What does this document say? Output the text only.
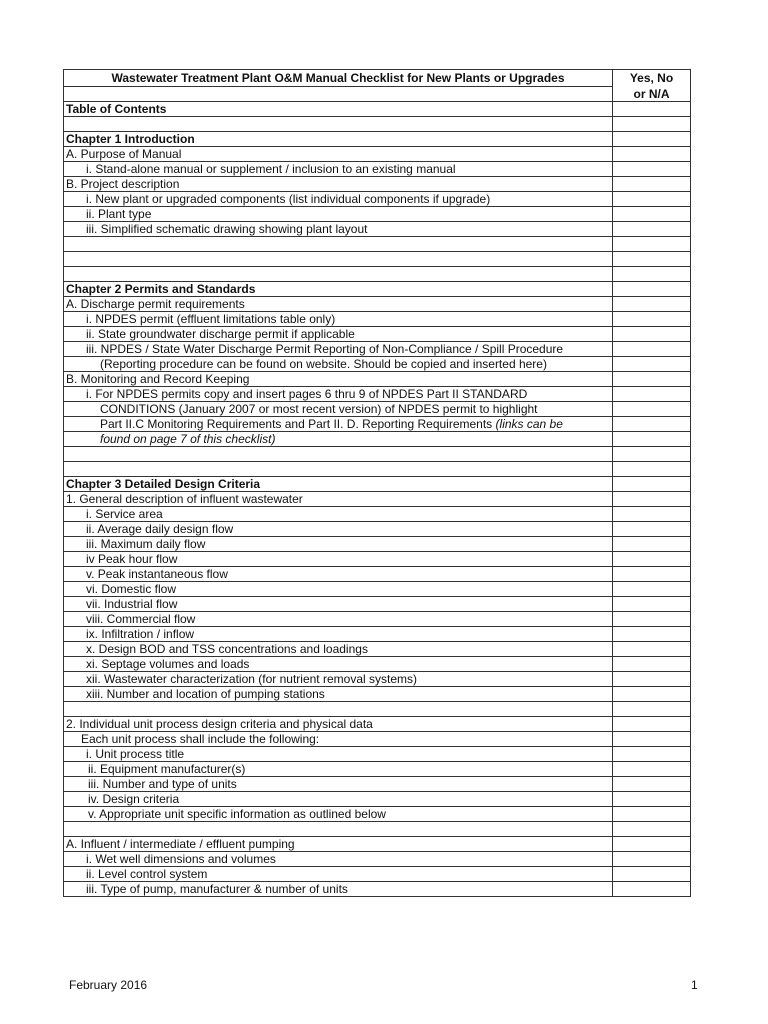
Wastewater Treatment Plant O&M Manual Checklist for New Plants or Upgrades	Yes, No
	or N/A
Table of Contents	

Chapter 1 Introduction	
A. Purpose of Manual	
i. Stand-alone manual or supplement / inclusion to an existing manual	
B. Project description	
i. New plant or upgraded components (list individual components if upgrade)	
ii. Plant type	
iii. Simplified schematic drawing showing plant layout	

Chapter 2 Permits and Standards	
A. Discharge permit requirements	
i. NPDES permit (effluent limitations table only)	
ii. State groundwater discharge permit if applicable	
iii. NPDES / State Water Discharge Permit Reporting of Non-Compliance / Spill Procedure	
(Reporting procedure can be found on website. Should be copied and inserted here)	
B. Monitoring and Record Keeping	
i. For NPDES permits copy and insert pages 6 thru 9 of NPDES Part II STANDARD	
CONDITIONS (January 2007 or most recent version) of NPDES permit to highlight	
Part II.C Monitoring Requirements and Part II. D. Reporting Requirements (links can be	
found on page 7 of this checklist)	

Chapter 3 Detailed Design Criteria	
1. General description of influent wastewater	
i. Service area	
ii. Average daily design flow	
iii. Maximum daily flow	
iv Peak hour flow	
v. Peak instantaneous flow	
vi. Domestic flow	
vii. Industrial flow	
viii. Commercial flow	
ix. Infiltration / inflow	
x. Design BOD and TSS concentrations and loadings	
xi. Septage volumes and loads	
xii. Wastewater characterization (for nutrient removal systems)	
xiii. Number and location of pumping stations	

2. Individual unit process design criteria and physical data	
Each unit process shall include the following:	
i. Unit process title	
ii. Equipment manufacturer(s)	
iii. Number and type of units	
iv. Design criteria	
v. Appropriate unit specific information as outlined below	

A. Influent / intermediate / effluent pumping	
i. Wet well dimensions and volumes	
ii. Level control system	
iii. Type of pump, manufacturer & number of units	
February 2016	1
